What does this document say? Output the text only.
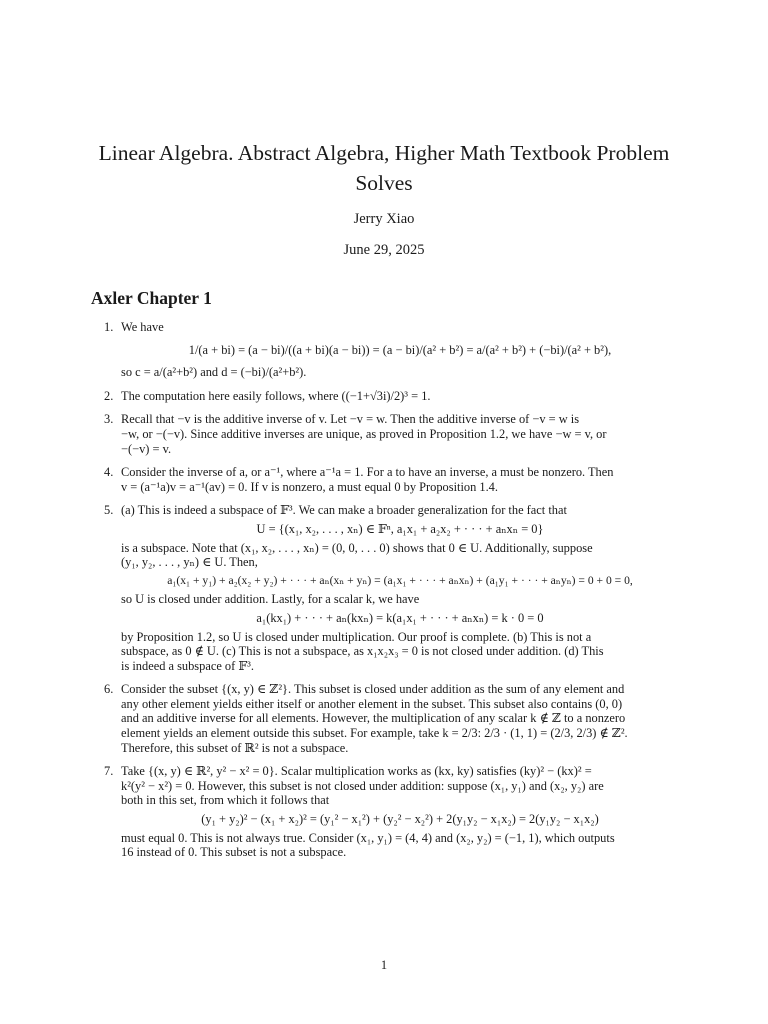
Linear Algebra. Abstract Algebra, Higher Math Textbook Problem Solves
Jerry Xiao
June 29, 2025
Axler Chapter 1
1. We have
1/(a + bi) = (a − bi)/((a + bi)(a − bi)) = (a − bi)/(a² + b²) = a/(a² + b²) + (−bi)/(a² + b²),
so c = a/(a²+b²) and d = (−bi)/(a²+b²).
2. The computation here easily follows, where ((−1+√3i)/2)³ = 1.
3. Recall that −v is the additive inverse of v. Let −v = w. Then the additive inverse of −v = w is
−w, or −(−v). Since additive inverses are unique, as proved in Proposition 1.2, we have −w = v, or
−(−v) = v.
4. Consider the inverse of a, or a⁻¹, where a⁻¹a = 1. For a to have an inverse, a must be nonzero. Then
v = (a⁻¹a)v = a⁻¹(av) = 0. If v is nonzero, a must equal 0 by Proposition 1.4.
5. (a) This is indeed a subspace of 𝔽³. We can make a broader generalization for the fact that
U = {(x₁, x₂, . . . , xₙ) ∈ 𝔽ⁿ, a₁x₁ + a₂x₂ + · · · + aₙxₙ = 0}
is a subspace. Note that (x₁, x₂, . . . , xₙ) = (0, 0, . . . 0) shows that 0 ∈ U. Additionally, suppose
(y₁, y₂, . . . , yₙ) ∈ U. Then,
a₁(x₁ + y₁) + a₂(x₂ + y₂) + · · · + aₙ(xₙ + yₙ) = (a₁x₁ + · · · + aₙxₙ) + (a₁y₁ + · · · + aₙyₙ) = 0 + 0 = 0,
so U is closed under addition. Lastly, for a scalar k, we have
a₁(kx₁) + · · · + aₙ(kxₙ) = k(a₁x₁ + · · · + aₙxₙ) = k · 0 = 0
by Proposition 1.2, so U is closed under multiplication. Our proof is complete. (b) This is not a
subspace, as 0 ∉ U. (c) This is not a subspace, as x₁x₂x₃ = 0 is not closed under addition. (d) This
is indeed a subspace of 𝔽³.
6. Consider the subset {(x, y) ∈ ℤ²}. This subset is closed under addition as the sum of any element and
any other element yields either itself or another element in the subset. This subset also contains (0, 0)
and an additive inverse for all elements. However, the multiplication of any scalar k ∉ ℤ to a nonzero
element yields an element outside this subset. For example, take k = 2/3: 2/3 · (1, 1) = (2/3, 2/3) ∉ ℤ².
Therefore, this subset of ℝ² is not a subspace.
7. Take {(x, y) ∈ ℝ², y² − x² = 0}. Scalar multiplication works as (kx, ky) satisfies (ky)² − (kx)² =
k²(y² − x²) = 0. However, this subset is not closed under addition: suppose (x₁, y₁) and (x₂, y₂) are
both in this set, from which it follows that
(y₁ + y₂)² − (x₁ + x₂)² = (y₁² − x₁²) + (y₂² − x₂²) + 2(y₁y₂ − x₁x₂) = 2(y₁y₂ − x₁x₂)
must equal 0. This is not always true. Consider (x₁, y₁) = (4, 4) and (x₂, y₂) = (−1, 1), which outputs
16 instead of 0. This subset is not a subspace.
1
